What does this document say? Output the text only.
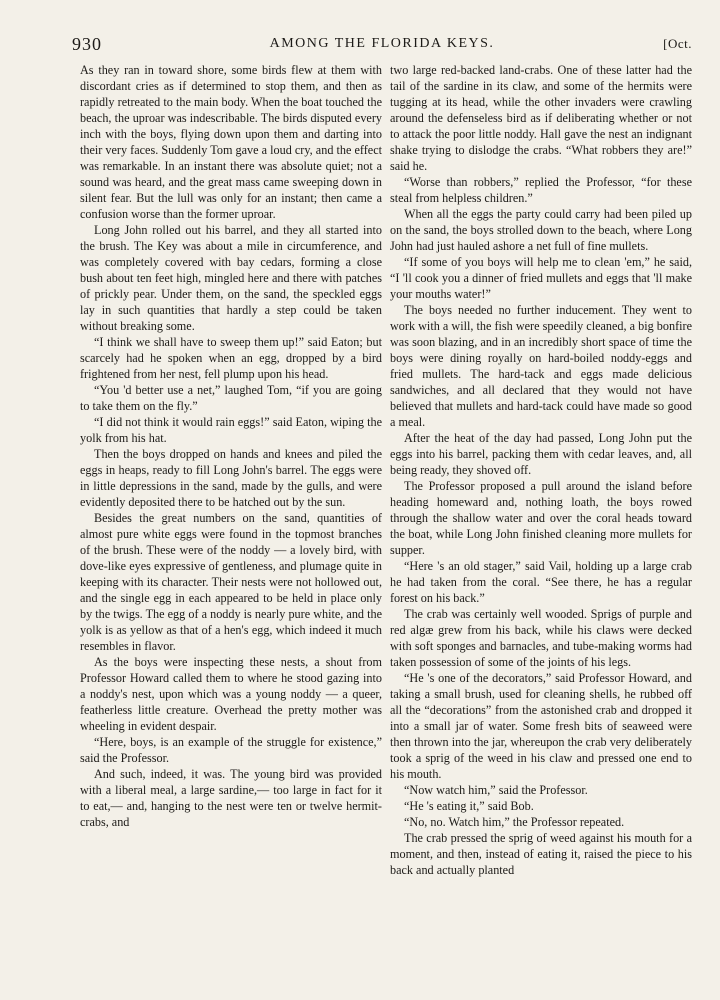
930	AMONG THE FLORIDA KEYS.	[Oct.

As they ran in toward shore, some birds flew at them with discordant cries as if determined to stop them, and then as rapidly retreated to the main body. When the boat touched the beach, the uproar was indescribable. The birds disputed every inch with the boys, flying down upon them and darting into their very faces. Suddenly Tom gave a loud cry, and the effect was remarkable. In an instant there was absolute quiet; not a sound was heard, and the great mass came sweeping down in silent fear. But the lull was only for an instant; then came a confusion worse than the former uproar.

Long John rolled out his barrel, and they all started into the brush. The Key was about a mile in circumference, and was completely covered with bay cedars, forming a close bush about ten feet high, mingled here and there with patches of prickly pear. Under them, on the sand, the speckled eggs lay in such quantities that hardly a step could be taken without breaking some.

“I think we shall have to sweep them up!” said Eaton; but scarcely had he spoken when an egg, dropped by a bird frightened from her nest, fell plump upon his head.

“You 'd better use a net,” laughed Tom, “if you are going to take them on the fly.”

“I did not think it would rain eggs!” said Eaton, wiping the yolk from his hat.

Then the boys dropped on hands and knees and piled the eggs in heaps, ready to fill Long John's barrel. The eggs were in little depressions in the sand, made by the gulls, and were evidently deposited there to be hatched out by the sun.

Besides the great numbers on the sand, quantities of almost pure white eggs were found in the topmost branches of the brush. These were of the noddy — a lovely bird, with dove-like eyes expressive of gentleness, and plumage quite in keeping with its character. Their nests were not hollowed out, and the single egg in each appeared to be held in place only by the twigs. The egg of a noddy is nearly pure white, and the yolk is as yellow as that of a hen's egg, which indeed it much resembles in flavor.

As the boys were inspecting these nests, a shout from Professor Howard called them to where he stood gazing into a noddy's nest, upon which was a young noddy — a queer, featherless little creature. Overhead the pretty mother was wheeling in evident despair.

“Here, boys, is an example of the struggle for existence,” said the Professor.

And such, indeed, it was. The young bird was provided with a liberal meal, a large sardine,— too large in fact for it to eat,— and, hanging to the nest were ten or twelve hermit-crabs, and

two large red-backed land-crabs. One of these latter had the tail of the sardine in its claw, and some of the hermits were tugging at its head, while the other invaders were crawling around the defenseless bird as if deliberating whether or not to attack the poor little noddy. Hall gave the nest an indignant shake trying to dislodge the crabs. “What robbers they are!” said he.

“Worse than robbers,” replied the Professor, “for these steal from helpless children.”

When all the eggs the party could carry had been piled up on the sand, the boys strolled down to the beach, where Long John had just hauled ashore a net full of fine mullets.

“If some of you boys will help me to clean 'em,” he said, “I 'll cook you a dinner of fried mullets and eggs that 'll make your mouths water!”

The boys needed no further inducement. They went to work with a will, the fish were speedily cleaned, a big bonfire was soon blazing, and in an incredibly short space of time the boys were dining royally on hard-boiled noddy-eggs and fried mullets. The hard-tack and eggs made delicious sandwiches, and all declared that they would not have believed that mullets and hard-tack could have made so good a meal.

After the heat of the day had passed, Long John put the eggs into his barrel, packing them with cedar leaves, and, all being ready, they shoved off.

The Professor proposed a pull around the island before heading homeward and, nothing loath, the boys rowed through the shallow water and over the coral heads toward the boat, while Long John finished cleaning more mullets for supper.

“Here 's an old stager,” said Vail, holding up a large crab he had taken from the coral. “See there, he has a regular forest on his back.”

The crab was certainly well wooded. Sprigs of purple and red algæ grew from his back, while his claws were decked with soft sponges and barnacles, and tube-making worms had taken possession of some of the joints of his legs.

“He 's one of the decorators,” said Professor Howard, and taking a small brush, used for cleaning shells, he rubbed off all the “decorations” from the astonished crab and dropped it into a small jar of water. Some fresh bits of seaweed were then thrown into the jar, whereupon the crab very deliberately took a sprig of the weed in his claw and pressed one end to his mouth.

“Now watch him,” said the Professor.

“He 's eating it,” said Bob.

“No, no. Watch him,” the Professor repeated.

The crab pressed the sprig of weed against his mouth for a moment, and then, instead of eating it, raised the piece to his back and actually planted
